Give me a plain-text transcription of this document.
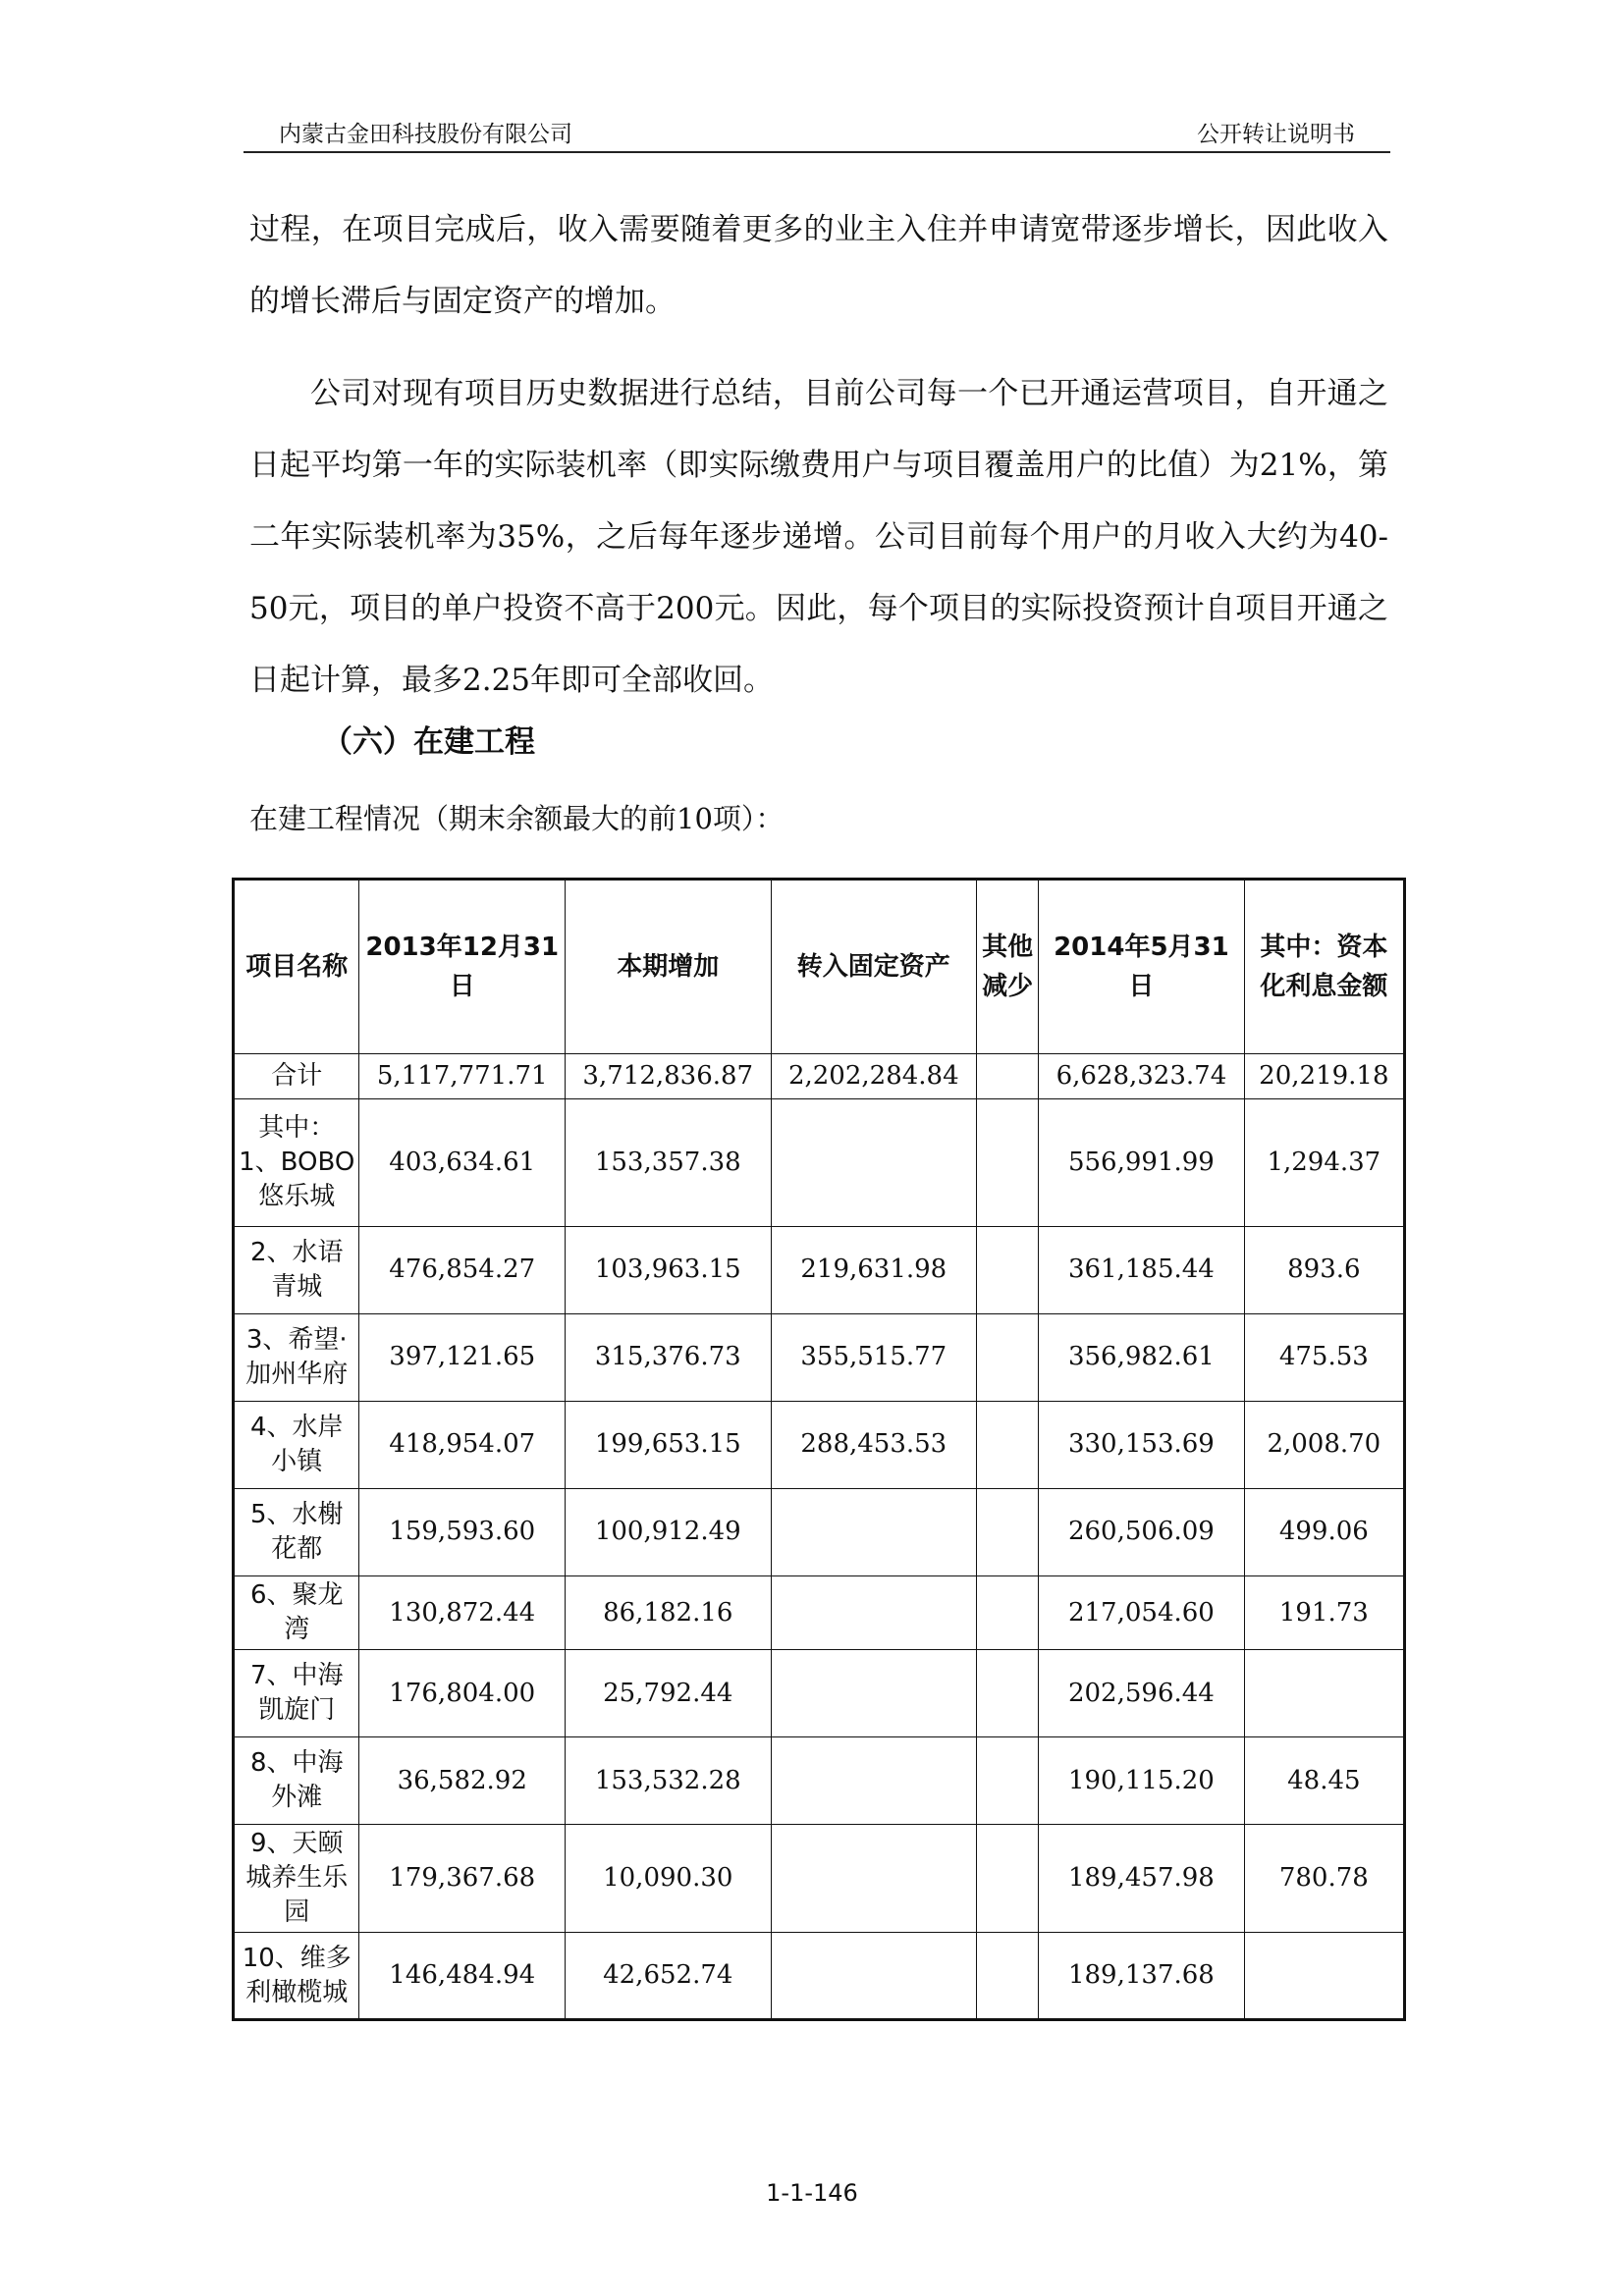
内蒙古金田科技股份有限公司	公开转让说明书

过程，在项目完成后，收入需要随着更多的业主入住并申请宽带逐步增长，因此收入的增长滞后与固定资产的增加。

公司对现有项目历史数据进行总结，目前公司每一个已开通运营项目，自开通之日起平均第一年的实际装机率（即实际缴费用户与项目覆盖用户的比值）为21%，第二年实际装机率为35%，之后每年逐步递增。公司目前每个用户的月收入大约为40-50元，项目的单户投资不高于200元。因此，每个项目的实际投资预计自项目开通之日起计算，最多2.25年即可全部收回。

（六）在建工程
在建工程情况（期末余额最大的前10项）：
项目名称	2013年12月31日	本期增加	转入固定资产	其他减少	2014年5月31日	其中：资本化利息金额
合计	5,117,771.71	3,712,836.87	2,202,284.84		6,628,323.74	20,219.18
其中：1、BOBO悠乐城	403,634.61	153,357.38			556,991.99	1,294.37
2、水语青城	476,854.27	103,963.15	219,631.98		361,185.44	893.6
3、希望·加州华府	397,121.65	315,376.73	355,515.77		356,982.61	475.53
4、水岸小镇	418,954.07	199,653.15	288,453.53		330,153.69	2,008.70
5、水榭花都	159,593.60	100,912.49			260,506.09	499.06
6、聚龙湾	130,872.44	86,182.16			217,054.60	191.73
7、中海凯旋门	176,804.00	25,792.44			202,596.44	
8、中海外滩	36,582.92	153,532.28			190,115.20	48.45
9、天颐城养生乐园	179,367.68	10,090.30			189,457.98	780.78
10、维多利橄榄城	146,484.94	42,652.74			189,137.68	
1-1-146
